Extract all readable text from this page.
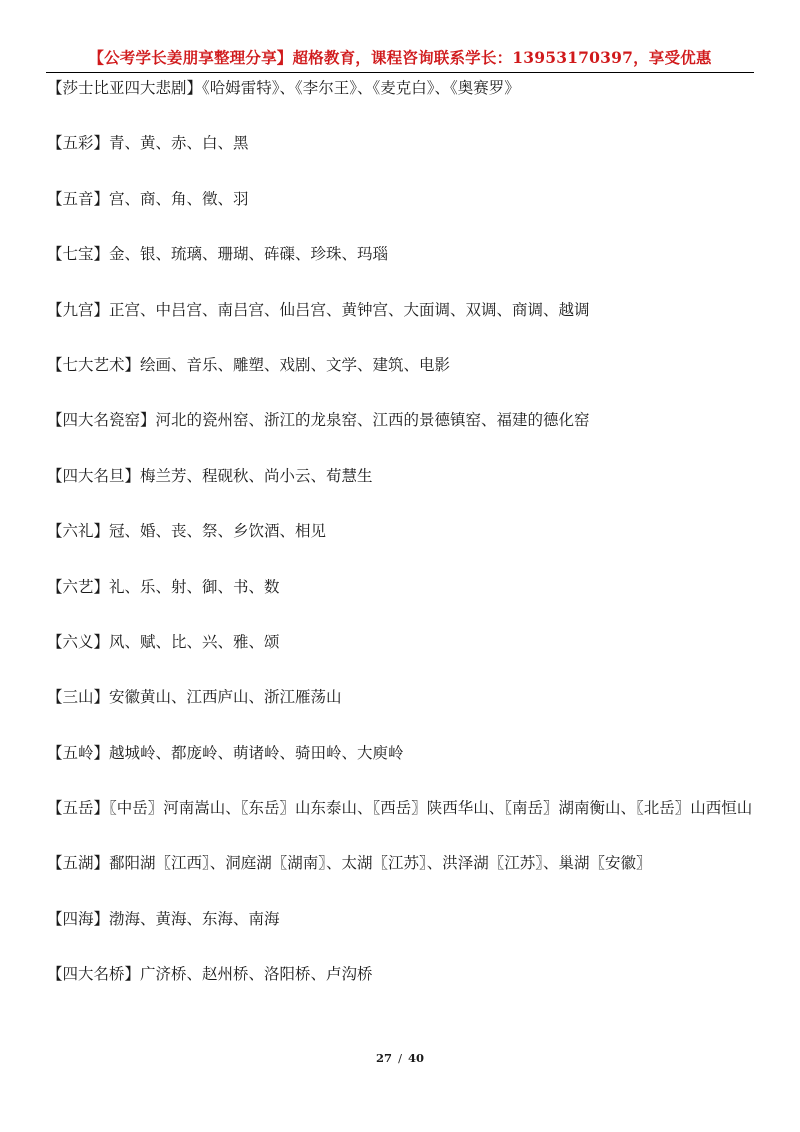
【公考学长姜朋享整理分享】超格教育，课程咨询联系学长：13953170397，享受优惠

【莎士比亚四大悲剧】《哈姆雷特》、《李尔王》、《麦克白》、《奥赛罗》

【五彩】青、黄、赤、白、黑

【五音】宫、商、角、徵、羽

【七宝】金、银、琉璃、珊瑚、砗磲、珍珠、玛瑙

【九宫】正宫、中吕宫、南吕宫、仙吕宫、黄钟宫、大面调、双调、商调、越调

【七大艺术】绘画、音乐、雕塑、戏剧、文学、建筑、电影

【四大名瓷窑】河北的瓷州窑、浙江的龙泉窑、江西的景德镇窑、福建的德化窑

【四大名旦】梅兰芳、程砚秋、尚小云、荀慧生

【六礼】冠、婚、丧、祭、乡饮酒、相见

【六艺】礼、乐、射、御、书、数

【六义】风、赋、比、兴、雅、颂

【三山】安徽黄山、江西庐山、浙江雁荡山

【五岭】越城岭、都庞岭、萌诸岭、骑田岭、大庾岭

【五岳】〖中岳〗河南嵩山、〖东岳〗山东泰山、〖西岳〗陕西华山、〖南岳〗湖南衡山、〖北岳〗山西恒山

【五湖】鄱阳湖〖江西〗、洞庭湖〖湖南〗、太湖〖江苏〗、洪泽湖〖江苏〗、巢湖〖安徽〗

【四海】渤海、黄海、东海、南海

【四大名桥】广济桥、赵州桥、洛阳桥、卢沟桥

27 / 40
